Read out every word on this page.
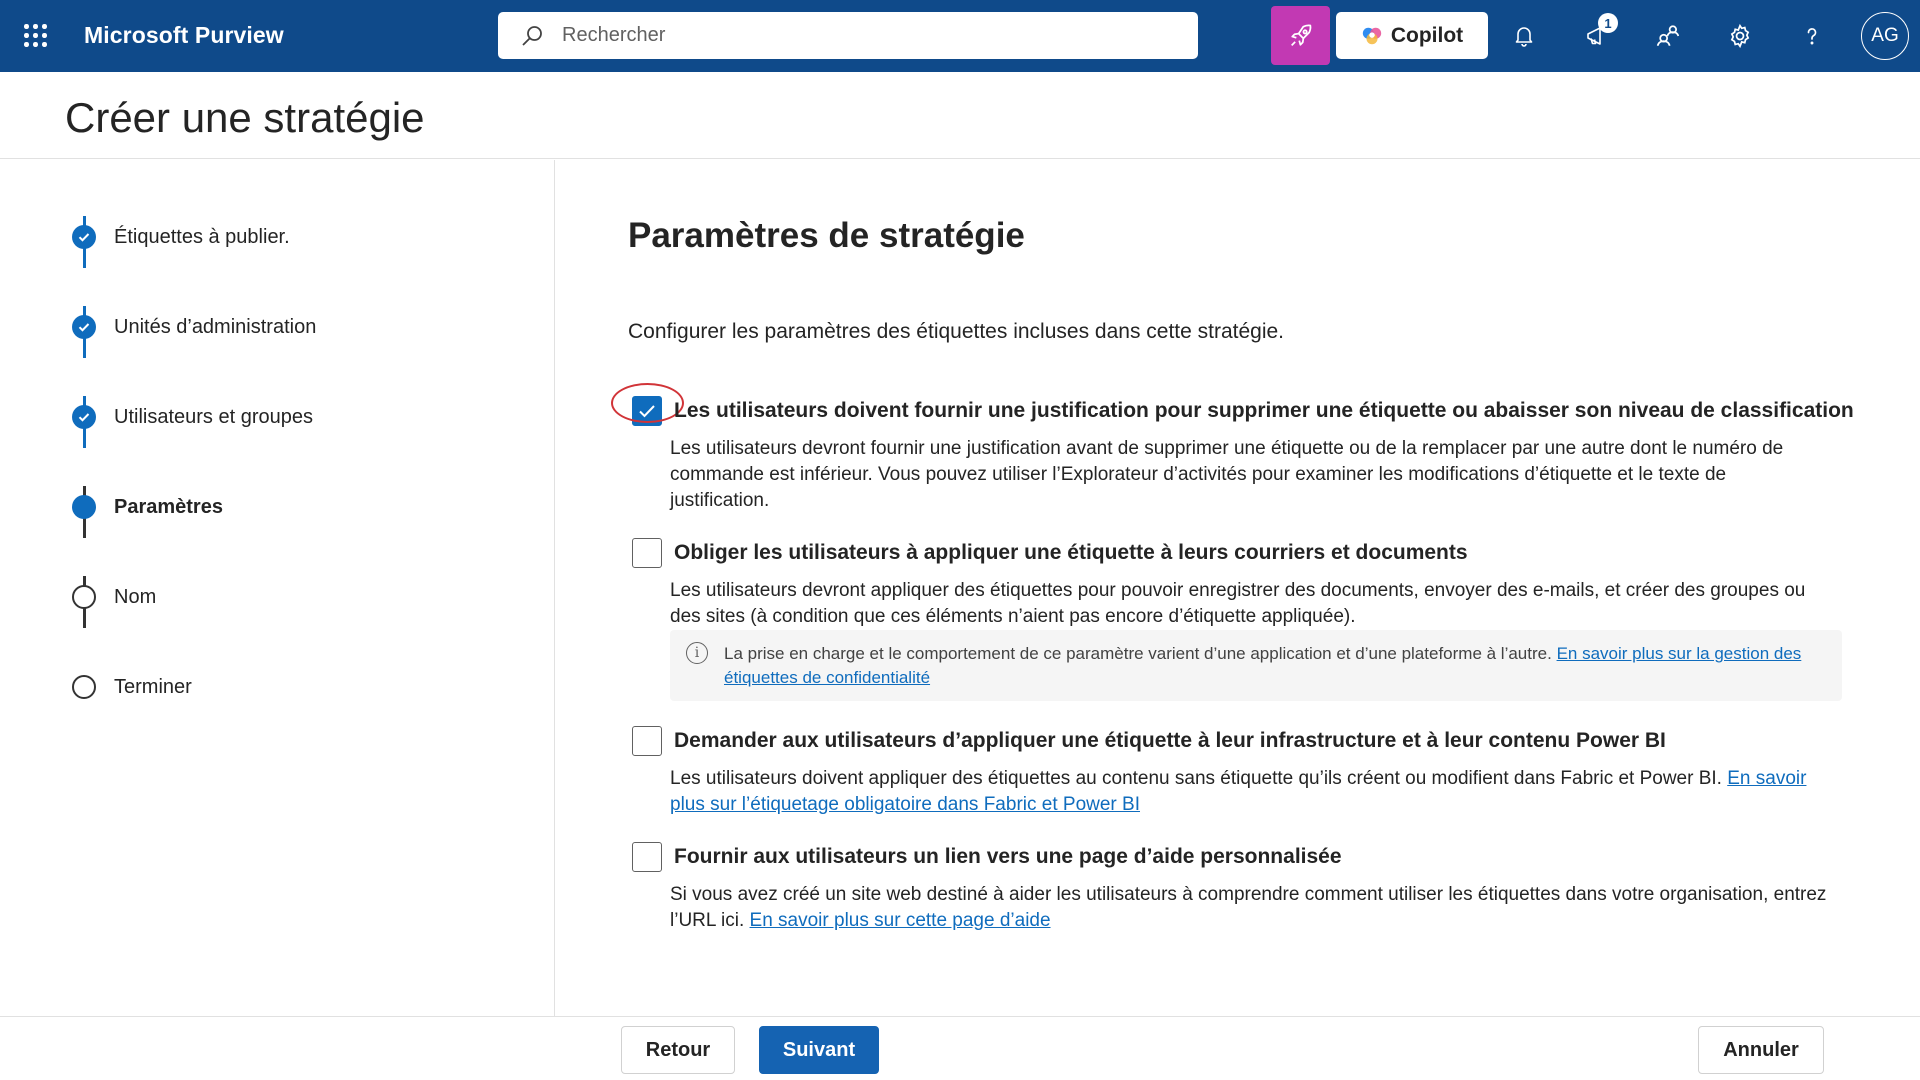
Microsoft Purview
Rechercher	Copilot
1
AG
Créer une stratégie
Étiquettes à publier.
Unités d’administration
Utilisateurs et groupes
Paramètres
Nom
Terminer
Paramètres de stratégie

Configurer les paramètres des étiquettes incluses dans cette stratégie.

Les utilisateurs doivent fournir une justification pour supprimer une étiquette ou abaisser son niveau de classification
Les utilisateurs devront fournir une justification avant de supprimer une étiquette ou de la remplacer par une autre dont le numéro de commande est inférieur. Vous pouvez utiliser l’Explorateur d’activités pour examiner les modifications d’étiquette et le texte de justification.
Obliger les utilisateurs à appliquer une étiquette à leurs courriers et documents
Les utilisateurs devront appliquer des étiquettes pour pouvoir enregistrer des documents, envoyer des e-mails, et créer des groupes ou des sites (à condition que ces éléments n’aient pas encore d’étiquette appliquée).
i	La prise en charge et le comportement de ce paramètre varient d’une application et d’une plateforme à l’autre. En savoir plus sur la gestion des étiquettes de confidentialité
Demander aux utilisateurs d’appliquer une étiquette à leur infrastructure et à leur contenu Power BI
Les utilisateurs doivent appliquer des étiquettes au contenu sans étiquette qu’ils créent ou modifient dans Fabric et Power BI. En savoir plus sur l’étiquetage obligatoire dans Fabric et Power BI
Fournir aux utilisateurs un lien vers une page d’aide personnalisée
Si vous avez créé un site web destiné à aider les utilisateurs à comprendre comment utiliser les étiquettes dans votre organisation, entrez l’URL ici. En savoir plus sur cette page d’aide
Retour	Suivant	Annuler
